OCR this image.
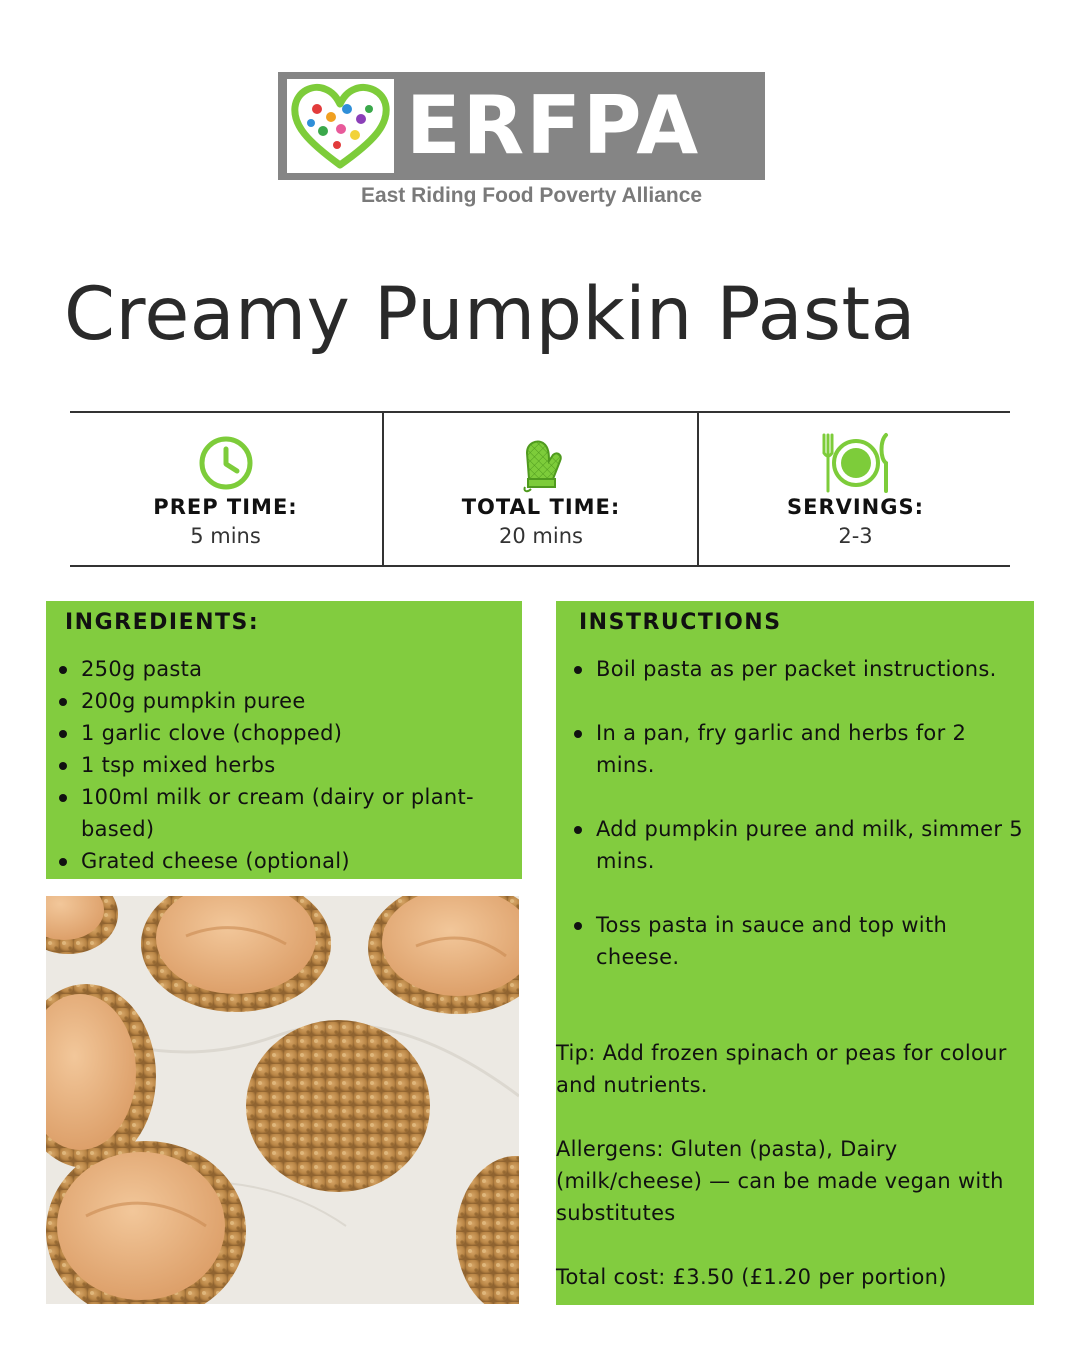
ERFPA
East Riding Food Poverty Alliance
Creamy Pumpkin Pasta
PREP TIME:
5 mins
TOTAL TIME:
20 mins
SERVINGS:
2-3
INGREDIENTS:
250g pasta
200g pumpkin puree
1 garlic clove (chopped)
1 tsp mixed herbs
100ml milk or cream (dairy or plant-based)
Grated cheese (optional)
INSTRUCTIONS
Boil pasta as per packet instructions.
In a pan, fry garlic and herbs for 2 mins.
Add pumpkin puree and milk, simmer 5 mins.
Toss pasta in sauce and top with cheese.
Tip: Add frozen spinach or peas for colour and nutrients.
Allergens: Gluten (pasta), Dairy (milk/cheese) — can be made vegan with substitutes
Total cost: £3.50 (£1.20 per portion)
